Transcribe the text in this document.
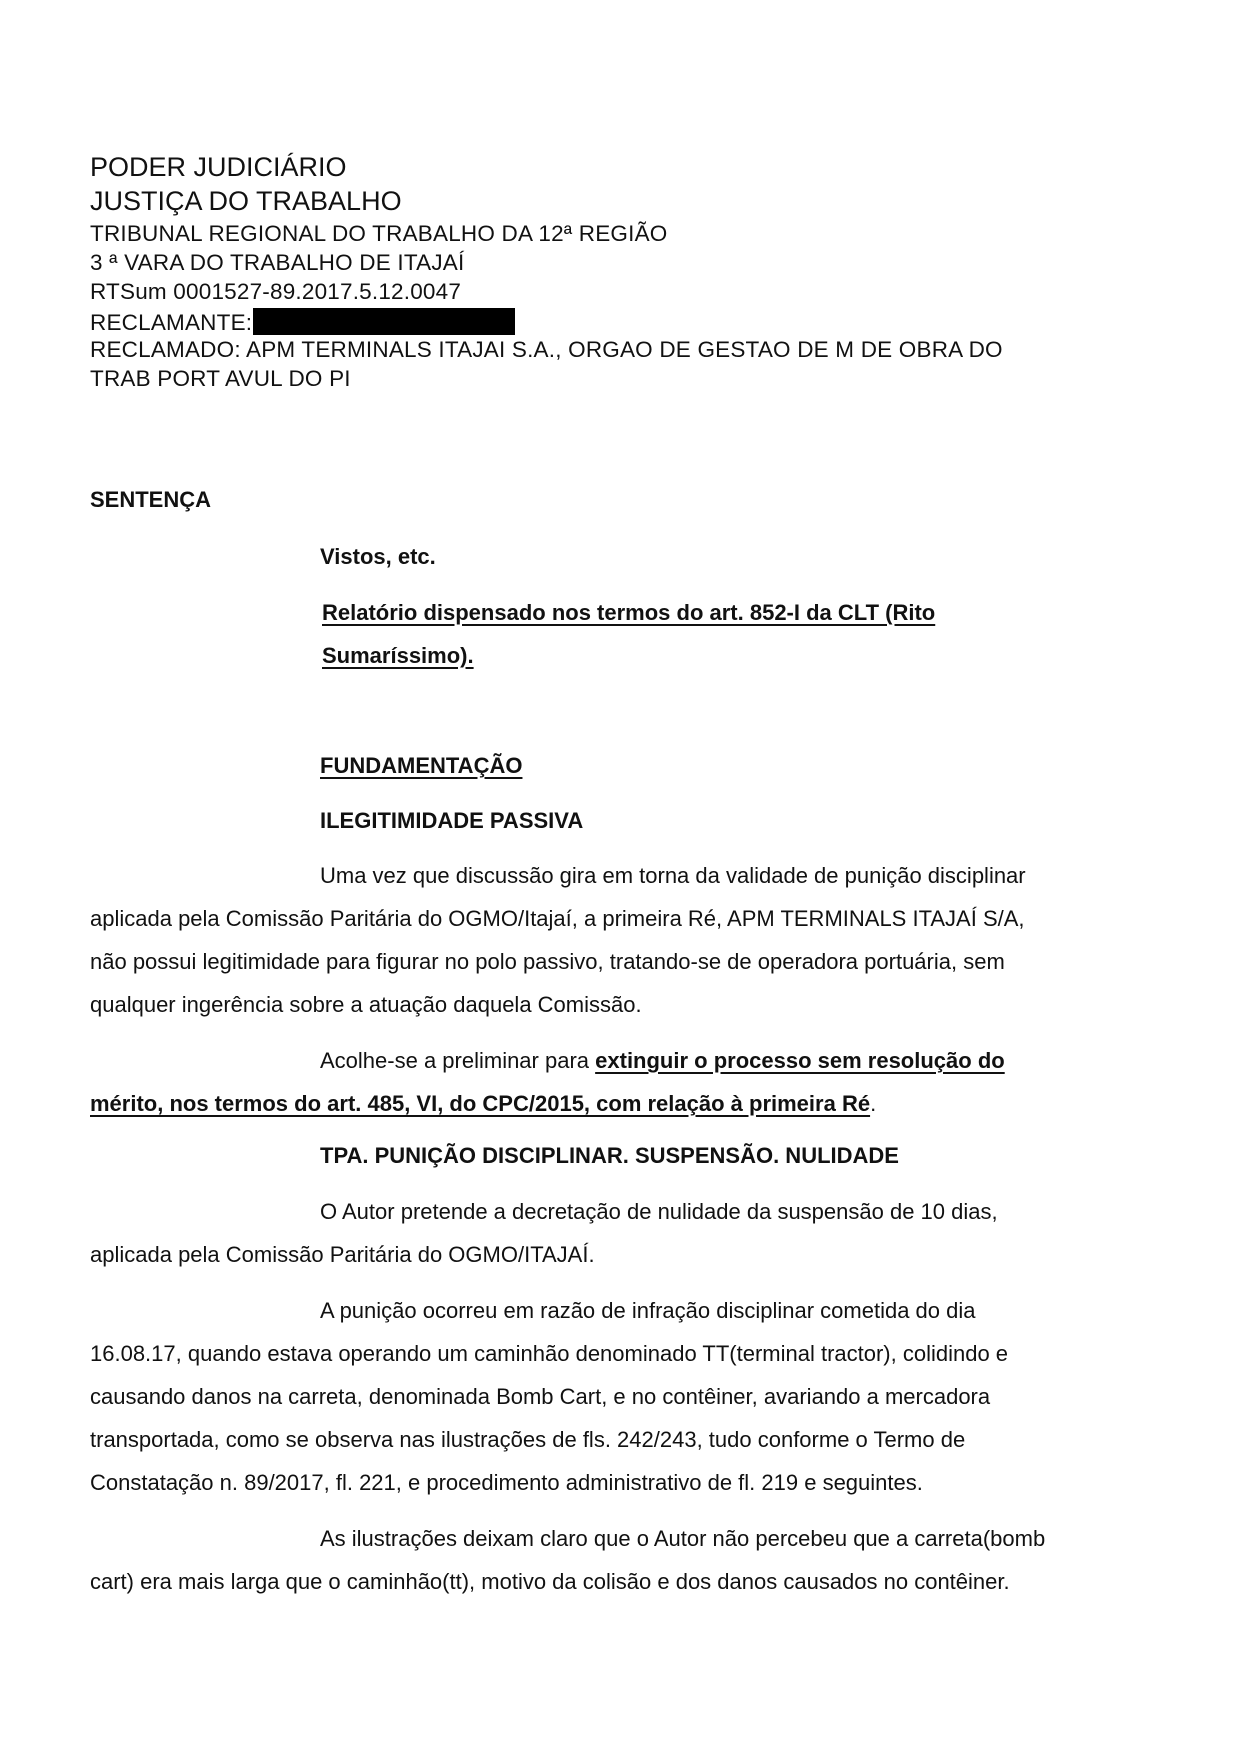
PODER JUDICIÁRIO
JUSTIÇA DO TRABALHO
TRIBUNAL REGIONAL DO TRABALHO DA 12ª REGIÃO
3 ª VARA DO TRABALHO DE ITAJAÍ
RTSum 0001527-89.2017.5.12.0047
RECLAMANTE:
RECLAMADO: APM TERMINALS ITAJAI S.A., ORGAO DE GESTAO DE M DE OBRA DO
TRAB PORT AVUL DO PI
SENTENÇA
Vistos, etc.
Relatório dispensado nos termos do art. 852-I da CLT (Rito
Sumaríssimo).
FUNDAMENTAÇÃO
ILEGITIMIDADE PASSIVA
Uma vez que discussão gira em torna da validade de punição disciplinar
aplicada pela Comissão Paritária do OGMO/Itajaí, a primeira Ré, APM TERMINALS ITAJAÍ S/A,
não possui legitimidade para figurar no polo passivo, tratando-se de operadora portuária, sem
qualquer ingerência sobre a atuação daquela Comissão.
Acolhe-se a preliminar para extinguir o processo sem resolução do
mérito, nos termos do art. 485, VI, do CPC/2015, com relação à primeira Ré.
TPA. PUNIÇÃO DISCIPLINAR. SUSPENSÃO. NULIDADE
O Autor pretende a decretação de nulidade da suspensão de 10 dias,
aplicada pela Comissão Paritária do OGMO/ITAJAÍ.
A punição ocorreu em razão de infração disciplinar cometida do dia
16.08.17, quando estava operando um caminhão denominado TT(terminal tractor), colidindo e
causando danos na carreta, denominada Bomb Cart, e no contêiner, avariando a mercadora
transportada, como se observa nas ilustrações de fls. 242/243, tudo conforme o Termo de
Constatação n. 89/2017, fl. 221, e procedimento administrativo de fl. 219 e seguintes.
As ilustrações deixam claro que o Autor não percebeu que a carreta(bomb
cart) era mais larga que o caminhão(tt), motivo da colisão e dos danos causados no contêiner.
